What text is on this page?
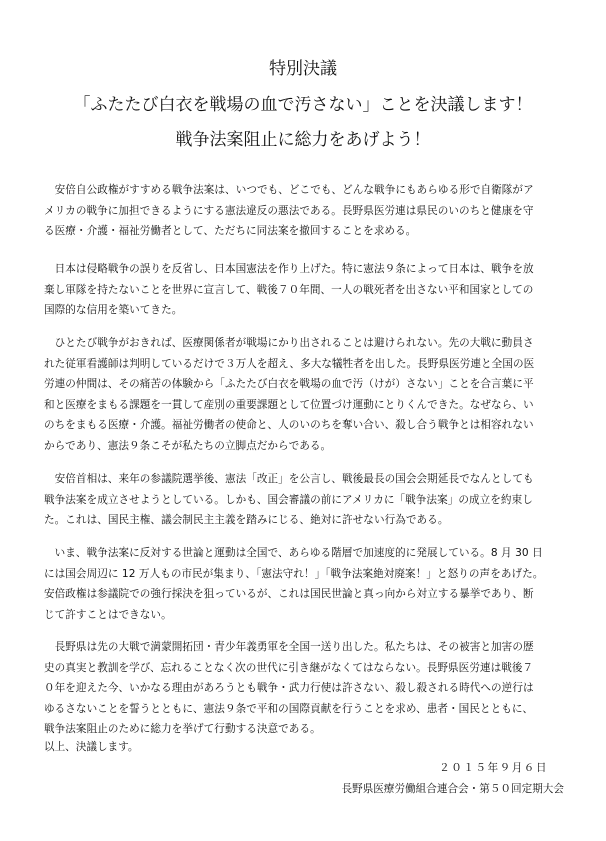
特別決議
「ふたたび白衣を戦場の血で汚さない」ことを決議します！
戦争法案阻止に総力をあげよう！
　安倍自公政権がすすめる戦争法案は、いつでも、どこでも、どんな戦争にもあらゆる形で自衛隊がア
メリカの戦争に加担できるようにする憲法違反の悪法である。長野県医労連は県民のいのちと健康を守
る医療・介護・福祉労働者として、ただちに同法案を撤回することを求める。
　日本は侵略戦争の誤りを反省し、日本国憲法を作り上げた。特に憲法９条によって日本は、戦争を放
棄し軍隊を持たないことを世界に宣言して、戦後７０年間、一人の戦死者を出さない平和国家としての
国際的な信用を築いてきた。
　ひとたび戦争がおきれば、医療関係者が戦場にかり出されることは避けられない。先の大戦に動員さ
れた従軍看護師は判明しているだけで３万人を超え、多大な犠牲者を出した。長野県医労連と全国の医
労連の仲間は、その痛苦の体験から「ふたたび白衣を戦場の血で汚（けが）さない」ことを合言葉に平
和と医療をまもる課題を一貫して産別の重要課題として位置づけ運動にとりくんできた。なぜなら、い
のちをまもる医療・介護。福祉労働者の使命と、人のいのちを奪い合い、殺し合う戦争とは相容れない
からであり、憲法９条こそが私たちの立脚点だからである。
　安倍首相は、来年の参議院選挙後、憲法「改正」を公言し、戦後最長の国会会期延長でなんとしても
戦争法案を成立させようとしている。しかも、国会審議の前にアメリカに「戦争法案」の成立を約束し
た。これは、国民主権、議会制民主主義を踏みにじる、絶対に許せない行為である。
　いま、戦争法案に反対する世論と運動は全国で、あらゆる階層で加速度的に発展している。8 月 30 日
には国会周辺に 12 万人もの市民が集まり、「憲法守れ！」「戦争法案絶対廃案！」と怒りの声をあげた。
安倍政権は参議院での強行採決を狙っているが、これは国民世論と真っ向から対立する暴挙であり、断
じて許すことはできない。
　長野県は先の大戦で満蒙開拓団・青少年義勇軍を全国一送り出した。私たちは、その被害と加害の歴
史の真実と教訓を学び、忘れることなく次の世代に引き継がなくてはならない。長野県医労連は戦後７
０年を迎えた今、いかなる理由があろうとも戦争・武力行使は許さない、殺し殺される時代への逆行は
ゆるさないことを誓うとともに、憲法９条で平和の国際貢献を行うことを求め、患者・国民とともに、
戦争法案阻止のために総力を挙げて行動する決意である。
以上、決議します。
２０１５年９月６日
長野県医療労働組合連合会・第５０回定期大会
